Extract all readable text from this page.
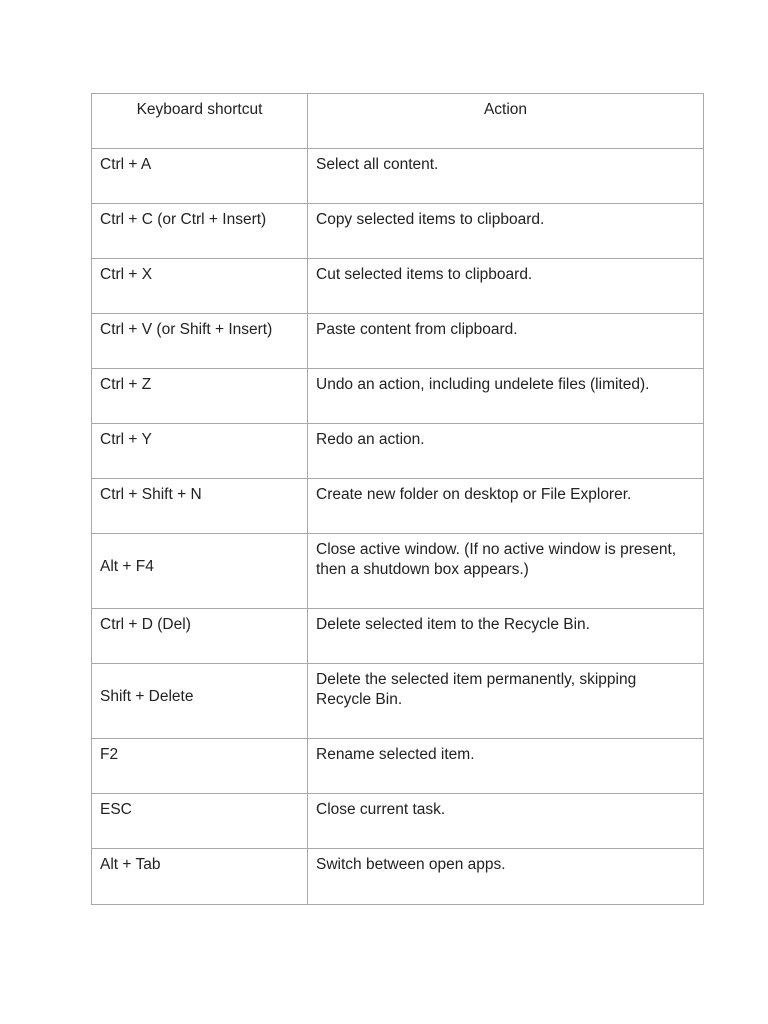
Keyboard shortcut	Action
Ctrl + A	Select all content.
Ctrl + C (or Ctrl + Insert)	Copy selected items to clipboard.
Ctrl + X	Cut selected items to clipboard.
Ctrl + V (or Shift + Insert)	Paste content from clipboard.
Ctrl + Z	Undo an action, including undelete files (limited).
Ctrl + Y	Redo an action.
Ctrl + Shift + N	Create new folder on desktop or File Explorer.
Alt + F4	Close active window. (If no active window is present, then a shutdown box appears.)
Ctrl + D (Del)	Delete selected item to the Recycle Bin.
Shift + Delete	Delete the selected item permanently, skipping Recycle Bin.
F2	Rename selected item.
ESC	Close current task.
Alt + Tab	Switch between open apps.
